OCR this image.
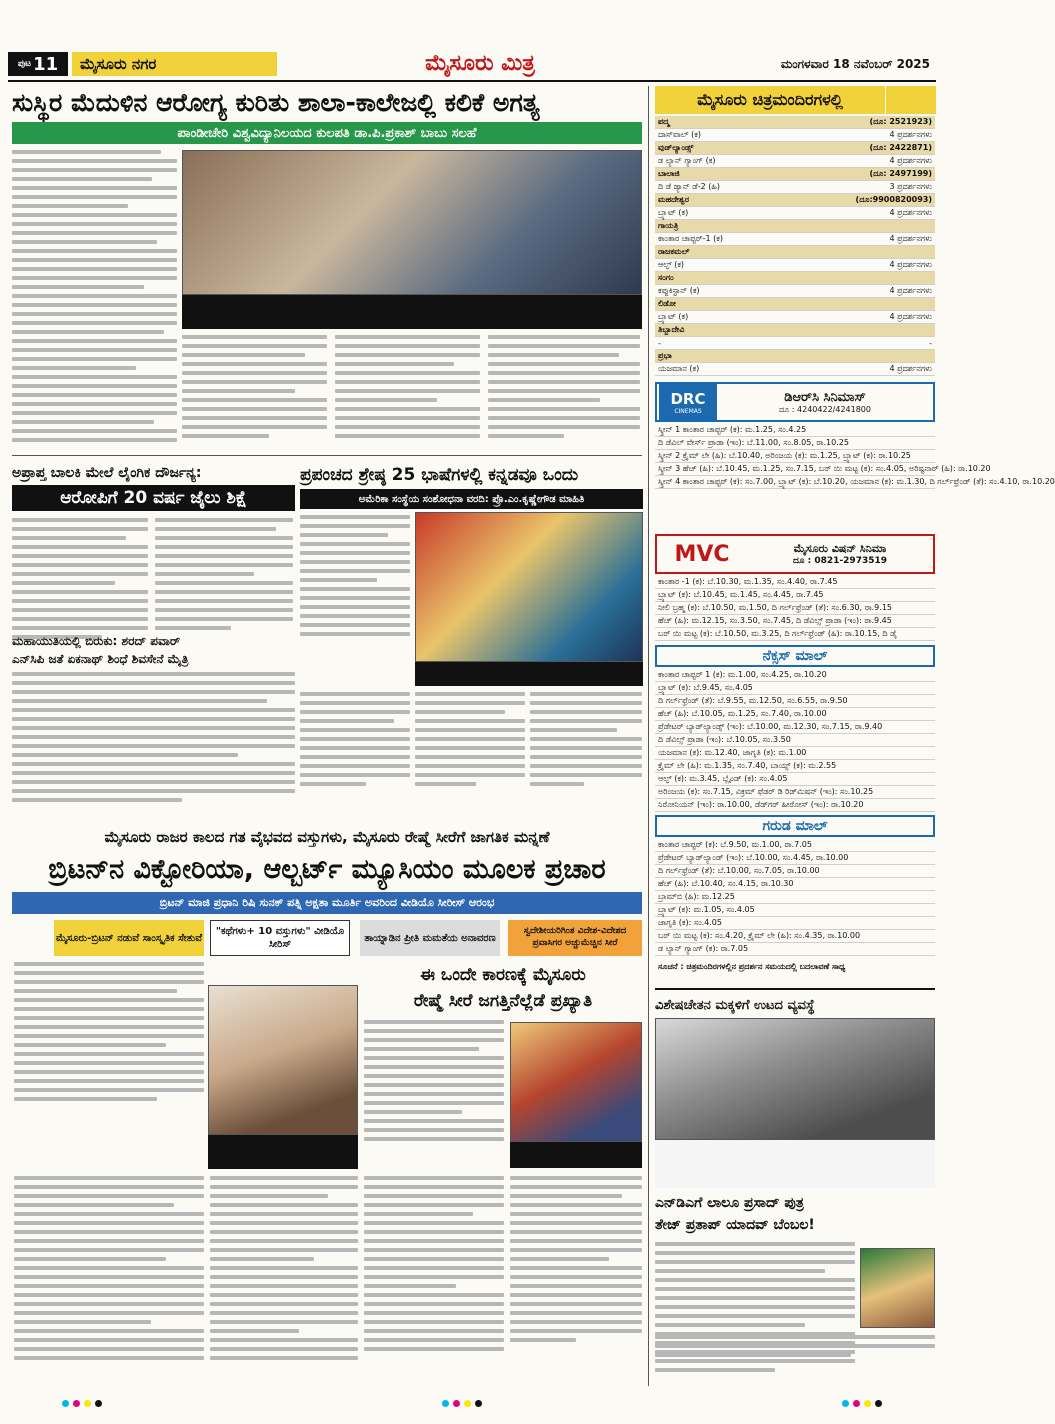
ಪುಟ 11	ಮೈಸೂರು ನಗರ	ಮೈಸೂರು ಮಿತ್ರ	ಮಂಗಳವಾರ 18 ನವೆಂಬರ್ 2025
ಸುಸ್ಥಿರ ಮೆದುಳಿನ ಆರೋಗ್ಯ ಕುರಿತು ಶಾಲಾ-ಕಾಲೇಜಲ್ಲಿ ಕಲಿಕೆ ಅಗತ್ಯ
ಪಾಂಡೀಚೇರಿ ವಿಶ್ವವಿದ್ಯಾನಿಲಯದ ಕುಲಪತಿ ಡಾ.ಪಿ.ಪ್ರಕಾಶ್ ಬಾಬು ಸಲಹೆ
ಅಪ್ರಾಪ್ತ ಬಾಲಕಿ ಮೇಲೆ ಲೈಂಗಿಕ ದೌರ್ಜನ್ಯ:
ಆರೋಪಿಗೆ 20 ವರ್ಷ ಜೈಲು ಶಿಕ್ಷೆ
ಮಹಾಯುತಿಯಲ್ಲಿ ಬಿರುಕು: ಶರದ್ ಪವಾರ್
ಎನ್‌ಸಿಪಿ ಜತೆ ಏಕನಾಥ್ ಶಿಂಧೆ ಶಿವಸೇನೆ ಮೈತ್ರಿ
ಪ್ರಪಂಚದ ಶ್ರೇಷ್ಠ 25 ಭಾಷೆಗಳಲ್ಲಿ ಕನ್ನಡವೂ ಒಂದು
ಅಮೆರಿಕಾ ಸಂಸ್ಥೆಯ ಸಂಶೋಧನಾ ವರದಿ: ಪ್ರೊ.ಎಂ.ಕೃಷ್ಣೇಗೌಡ ಮಾಹಿತಿ
ಮೈಸೂರು ರಾಜರ ಕಾಲದ ಗತ ವೈಭವದ ವಸ್ತುಗಳು, ಮೈಸೂರು ರೇಷ್ಮೆ ಸೀರೆಗೆ ಜಾಗತಿಕ ಮನ್ನಣೆ
ಬ್ರಿಟನ್‌ನ ವಿಕ್ಟೋರಿಯಾ, ಆಲ್ಬರ್ಟ್ ಮ್ಯೂಸಿಯಂ ಮೂಲಕ ಪ್ರಚಾರ
ಬ್ರಿಟನ್ ಮಾಜಿ ಪ್ರಧಾನಿ ರಿಷಿ ಸುನಕ್ ಪತ್ನಿ ಅಕ್ಷತಾ ಮೂರ್ತಿ ಅವರಿಂದ ವೀಡಿಯೊ ಸೀರೀಸ್ ಆರಂಭ
ಮೈಸೂರು-ಬ್ರಿಟನ್ ನಡುವೆ ಸಾಂಸ್ಕೃತಿಕ ಸೇತುವೆ
"ಕಥೆಗಳು+ 10 ವಸ್ತುಗಳು" ವೀಡಿಯೊ ಸೀರಿಸ್
ತಾಯ್ನಾಡಿನ ಪ್ರೀತಿ ಮಮತೆಯ ಅನಾವರಣ
ಸ್ವದೇಶೀಯರಿಗಿಂತ ವಿದೇಶ-ವಿದೇಶದ ಪ್ರವಾಸಿಗರ ಅಚ್ಚುಮೆಚ್ಚಿನ ಸೀರೆ
ಈ ಒಂದೇ ಕಾರಣಕ್ಕೆ ಮೈಸೂರು
ರೇಷ್ಮೆ ಸೀರೆ ಜಗತ್ತಿನೆಲ್ಲೆಡೆ ಪ್ರಖ್ಯಾತಿ
ಮೈಸೂರು ಚಿತ್ರಮಂದಿರಗಳಲ್ಲಿ
ಪದ್ಮ	(ದೂ: 2521923)
ದಾಸ್‌ವಾಲ್ (ಕ)	4 ಪ್ರದರ್ಶನಗಳು
ವುಡ್‌ಲ್ಯಾಂಡ್ಸ್	(ದೂ: 2422871)
ಡ ಲ್ಯಾನ್ ಗ್ಯಾಂಗ್ (ಕ)	4 ಪ್ರದರ್ಶನಗಳು
ಬಾಲಾಜಿ	(ದೂ: 2497199)
ದಿ ಡೆ ಡ್ಯಾನ್ ಡೆ-2 (ಹಿ)	3 ಪ್ರದರ್ಶನಗಳು
ಮಹದೇಶ್ವರ	(ದೂ:9900820093)
ಬ್ರ್ಯಾಟ್ (ಕ)	4 ಪ್ರದರ್ಶನಗಳು
ಗಾಯತ್ರಿ
ಕಾಂತಾರ ಚಾಪ್ಟರ್-1 (ಕ)	4 ಪ್ರದರ್ಶನಗಳು
ರಾಜಕಮಲ್
ಆಲ್ಫ್ (ಕ)	4 ಪ್ರದರ್ಶನಗಳು
ಸಂಗಂ
ಕಪ್ಪುಕಿಸ್ಟಾನ್ (ಕ)	4 ಪ್ರದರ್ಶನಗಳು
ಲಿಡೋ
ಬ್ರ್ಯಾಟ್ (ಕ)	4 ಪ್ರದರ್ಶನಗಳು
ತಿಬ್ಬಾದೇವಿ
-	-
ಪ್ರಭಾ
ಯಜಮಾನ (ಕ)	4 ಪ್ರದರ್ಶನಗಳು
DRC
CINEMAS
ಡಿಆರ್‌ಸಿ ಸಿನಿಮಾಸ್
ದೂ : 4240422/4241800
ಸ್ಕ್ರೀನ್ 1 ಕಾಂತಾರ ಚಾಪ್ಟರ್ (ಕ): ಮ.1.25, ಸಂ.4.25
ದಿ ಡೆವಿಲ್ ವೇರ್ಸ್ ಪ್ರಾಡಾ (ಇಂ): ಬೆ.11.00, ಸಂ.8.05, ರಾ.10.25
ಸ್ಕ್ರೀನ್ 2 ಕ್ರೈಮ್ ಲೇ (ಹಿ): ಬೆ.10.40, ಅರಿಂಜಯ (ಕ): ಮ.1.25, ಬ್ರ್ಯಾಟ್ (ಕ): ರಾ.10.25
ಸ್ಕ್ರೀನ್ 3 ಹೆಚ್ (ಹಿ): ಬೆ.10.45, ಮ.1.25, ಸಂ.7.15, ಬರ್ ಯಿ ಮಟ್ಟ (ಕ): ಸಂ.4.05, ಅರಿಷ್ಟನಾರ್ (ಹಿ): ರಾ.10.20
ಸ್ಕ್ರೀನ್ 4 ಕಾಂತಾರ ಚಾಪ್ಟರ್ (ಕ): ಸಂ.7.00, ಬ್ರ್ಯಾಟ್ (ಕ): ಬೆ.10.20, ಯಜಮಾನ (ಕ): ಮ.1.30, ದಿ ಗರ್ಲ್‌ಫ್ರೆಂಡ್ (ತೆ): ಸಂ.4.10, ರಾ.10.20
MVC	ಮೈಸೂರು ವಿಷನ್ ಸಿನಿಮಾ
ದೂ : 0821-2973519
ಕಾಂತಾರ -1 (ಕ): ಬೆ.10.30, ಮ.1.35, ಸಂ.4.40, ರಾ.7.45
ಬ್ರ್ಯಾಟ್ (ಕ): ಬೆ.10.45, ಮ.1.45, ಸಂ.4.45, ರಾ.7.45
ನೀಲಿ ಬ್ರಹ್ಮ (ಕ): ಬೆ.10.50, ಮ.1.50, ದಿ ಗರ್ಲ್‌ಫ್ರೆಂಡ್ (ತೆ): ಸಂ.6.30, ರಾ.9.15
ಹೆಚ್ (ಹಿ): ಮ.12.15, ಸಂ.3.50, ಸಂ.7.45, ದಿ ಡೆವಿಲ್ಸ್ ಪ್ರಾಡಾ (ಇಂ): ರಾ.9.45
ಬರ್ ಯಿ ಮಟ್ಟ (ಕ): ಬೆ.10.50, ಮ.3.25, ದಿ ಗರ್ಲ್‌ಫ್ರೆಂಡ್ (ಹಿ): ರಾ.10.15, ದಿ ಡೈ
ನೆಕ್ಸಸ್ ಮಾಲ್
ಕಾಂತಾರ ಚಾಪ್ಟರ್ 1 (ಕ): ಮ.1.00, ಸಂ.4.25, ರಾ.10.20
ಬ್ರ್ಯಾಟ್ (ಕ): ಬೆ.9.45, ಸಂ.4.05
ದಿ ಗರ್ಲ್‌ಫ್ರೆಂಡ್ (ತೆ): ಬೆ.9.55, ಮ.12.50, ಸಂ.6.55, ರಾ.9.50
ಹೆಚ್ (ಹಿ): ಬೆ.10.05, ಮ.1.25, ಸಂ.7.40, ರಾ.10.00
ಪ್ರೆಡೇಟರ್ ಬ್ಯಾಡ್‌ಲ್ಯಾಂಡ್ಸ್ (ಇಂ): ಬೆ.10.00, ಮ.12.30, ಸಂ.7.15, ರಾ.9.40
ದಿ ಡೆವಿಲ್ಸ್ ಪ್ರಾಡಾ (ಇಂ): ಬೆ.10.05, ಸಂ.3.50
ಯಜಮಾನ (ಕ): ಮ.12.40, ಜಾಗೃತಿ (ಕ): ಮ.1.00
ಕ್ರೈಮ್ ಲೇ (ಹಿ): ಮ.1.35, ಸಂ.7.40, ಬಾಯ್ಸ್ (ಕ): ಮ.2.55
ಆಲ್ಫ್ (ಕ): ಮ.3.45, ಬ್ಲೈಂಡ್ (ಕ): ಸಂ.4.05
ಅರಿಂಜಯ (ಕ): ಸಂ.7.15, ವಿಕ್ರಮ್ ಫೆಡರ್ ಡಿ ರಿಡ್‌ಮಿಷನ್ (ಇಂ): ಸಂ.10.25
ನಿರೋನಿಯನ್ (ಇಂ): ರಾ.10.00, ಡೆಡ್‌ಗರ್ ಹೀರೋಸ್ (ಇಂ): ರಾ.10.20
ಗರುಡ ಮಾಲ್
ಕಾಂತಾರ ಚಾಪ್ಟರ್ (ಕ): ಬೆ.9.50, ಮ.1.00, ರಾ.7.05
ಪ್ರೆಡೇಟರ್ ಬ್ಯಾಡ್‌ಲ್ಯಾಂಡ್ (ಇಂ): ಬೆ.10.00, ಸಂ.4.45, ರಾ.10.00
ದಿ ಗರ್ಲ್‌ಫ್ರೆಂಡ್ (ತೆ): ಬೆ.10.00, ಸಂ.7.05, ರಾ.10.00
ಹೆಚ್ (ಹಿ): ಬೆ.10.40, ಸಂ.4.15, ರಾ.10.30
ಬ್ರಾಮ್‌ಬಿ (ಹಿ): ಮ.12.25
ಬ್ರ್ಯಾಟ್ (ಕ): ಮ.1.05, ಸಂ.4.05
ಜಾಗೃತಿ (ಕ): ಸಂ.4.05
ಬರ್ ಯಿ ಮಟ್ಟ (ಕ): ಸಂ.4.20, ಕ್ರೈಮ್ ಲೇ (ಹಿ): ಸಂ.4.35, ರಾ.10.00
ಡ ಲ್ಯಾನ್ ಗ್ಯಾಂಗ್ (ಕ): ರಾ.7.05
ಸೂಚನೆ : ಚಿತ್ರಮಂದಿರಗಳಲ್ಲಿನ ಪ್ರದರ್ಶನ ಸಮಯದಲ್ಲಿ ಬದಲಾವಣೆ ಸಾಧ್ಯ
ವಿಶೇಷಚೇತನ ಮಕ್ಕಳಿಗೆ ಉಟದ ವ್ಯವಸ್ಥೆ
ಎನ್‌ಡಿಎಗೆ ಲಾಲೂ ಪ್ರಸಾದ್ ಪುತ್ರ
ತೇಜ್ ಪ್ರತಾಪ್ ಯಾದವ್ ಬೆಂಬಲ!
